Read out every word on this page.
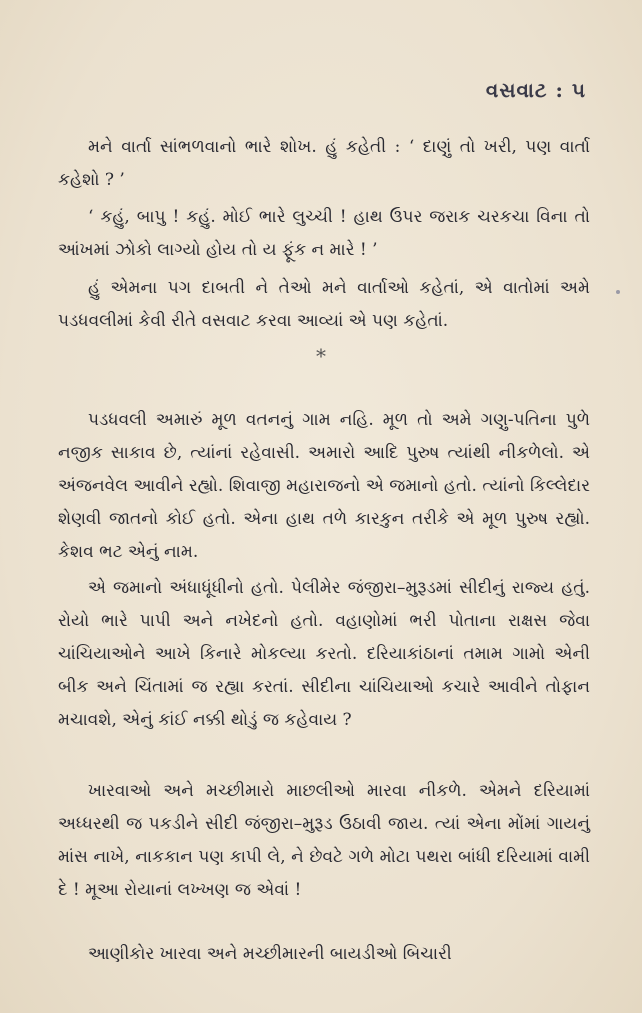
વસવાટ : ૫

મને વાર્તા સાંભળવાનો ભારે શોખ. હું કહેતી : ‘ દાણું તો ખરી, પણ વાર્તા કહેશો ? ’

‘ કહું, બાપુ ! કહું. મોઈ ભારે લુચ્ચી ! હાથ ઉપર જરાક ચરકચા વિના તો આંખમાં ઝોકો લાગ્યો હોય તો ય ફૂંક ન મારે ! ’

હું એમના પગ દાબતી ને તેઓ મને વાર્તાઓ કહેતાં, એ વાતોમાં અમે પડધવલીમાં કેવી રીતે વસવાટ કરવા આવ્યાં એ પણ કહેતાં.

*

પડધવલી અમારું મૂળ વતનનું ગામ નહિ. મૂળ તો અમે ગણુ-પતિના પુળે નજીક સાકાવ છે, ત્યાંનાં રહેવાસી. અમારો આદિ પુરુષ ત્યાંથી નીકળેલો. એ અંજનવેલ આવીને રહ્યો. શિવાજી મહારાજનો એ જમાનો હતો. ત્યાંનો કિલ્લેદાર શેણવી જાતનો કોઈ હતો. એના હાથ તળે કારકુન તરીકે એ મૂળ પુરુષ રહ્યો. કેશવ ભટ એનું નામ.

એ જમાનો અંધાધૂંધીનો હતો. પેલીમેર જંજીરા–મુરૂડમાં સીદીનું રાજ્ય હતું. રોયો ભારે પાપી અને નખેદનો હતો. વહાણોમાં ભરી પોતાના રાક્ષસ જેવા ચાંચિયાઓને આખે કિનારે મોકલ્યા કરતો. દરિયાકાંઠાનાં તમામ ગામો એની બીક અને ચિંતામાં જ રહ્યા કરતાં. સીદીના ચાંચિયાઓ કચારે આવીને તોફાન મચાવશે, એનું કાંઈ નક્કી થોડું જ કહેવાય ?

ખારવાઓ અને મચ્છીમારો માછલીઓ મારવા નીકળે. એમને દરિયામાં અધ્ધરથી જ પકડીને સીદી જંજીરા–મુરૂડ ઉઠાવી જાય. ત્યાં એના મોંમાં ગાયનું માંસ નાખે, નાકકાન પણ કાપી લે, ને છેવટે ગળે મોટા પથરા બાંધી દરિયામાં વામી દે ! મૂઆ રોયાનાં લખ્ખણ જ એવાં !

આણીકોર ખારવા અને મચ્છીમારની બાયડીઓ બિચારી
